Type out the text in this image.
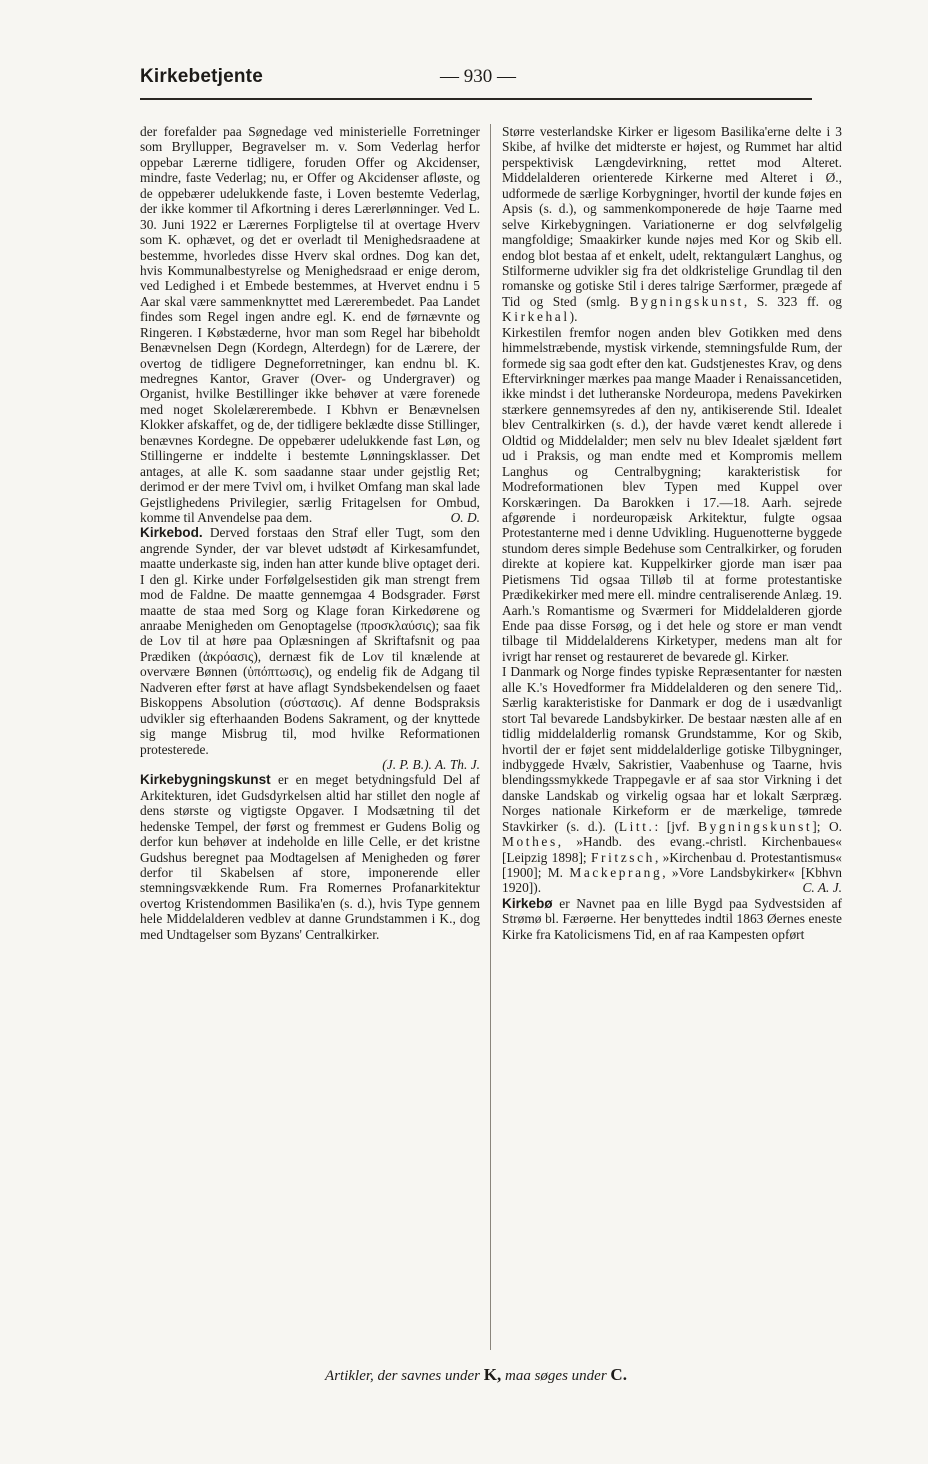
Kirkebetjente	— 930 —

der forefalder paa Søgnedage ved ministerielle Forretninger som Bryllupper, Begravelser m. v. Som Vederlag herfor oppebar Lærerne tidligere, foruden Offer og Akcidenser, mindre, faste Vederlag; nu, er Offer og Akcidenser afløste, og de oppebærer udelukkende faste, i Loven bestemte Vederlag, der ikke kommer til Afkortning i deres Lærerlønninger. Ved L. 30. Juni 1922 er Lærernes Forpligtelse til at overtage Hverv som K. ophævet, og det er overladt til Menighedsraadene at bestemme, hvorledes disse Hverv skal ordnes. Dog kan det, hvis Kommunalbestyrelse og Menighedsraad er enige derom, ved Ledighed i et Embede bestemmes, at Hvervet endnu i 5 Aar skal være sammenknyttet med Lærerembedet. Paa Landet findes som Regel ingen andre egl. K. end de førnævnte og Ringeren. I Købstæderne, hvor man som Regel har bibeholdt Benævnelsen Degn (Kordegn, Alterdegn) for de Lærere, der overtog de tidligere Degneforretninger, kan endnu bl. K. medregnes Kantor, Graver (Over- og Undergraver) og Organist, hvilke Bestillinger ikke behøver at være forenede med noget Skolelærerembede. I Kbhvn er Benævnelsen Klokker afskaffet, og de, der tidligere beklædte disse Stillinger, benævnes Kordegne. De oppebærer udelukkende fast Løn, og Stillingerne er inddelte i bestemte Lønningsklasser. Det antages, at alle K. som saadanne staar under gejstlig Ret; derimod er der mere Tvivl om, i hvilket Omfang man skal lade Gejstlighedens Privilegier, særlig Fritagelsen for Ombud, komme til Anvendelse paa dem.	O. D.

Kirkebod. Derved forstaas den Straf eller Tugt, som den angrende Synder, der var blevet udstødt af Kirkesamfundet, maatte underkaste sig, inden han atter kunde blive optaget deri. I den gl. Kirke under Forfølgelsestiden gik man strengt frem mod de Faldne. De maatte gennemgaa 4 Bodsgrader. Først maatte de staa med Sorg og Klage foran Kirkedørene og anraabe Menigheden om Genoptagelse (προσκλαύσις); saa fik de Lov til at høre paa Oplæsningen af Skriftafsnit og paa Prædiken (ἀκρόασις), dernæst fik de Lov til knælende at overvære Bønnen (ὑπόπτωσις), og endelig fik de Adgang til Nadveren efter først at have aflagt Syndsbekendelsen og faaet Biskoppens Absolution (σύστασις). Af denne Bodspraksis udvikler sig efterhaanden Bodens Sakrament, og der knyttede sig mange Misbrug til, mod hvilke Reformationen protesterede.

(J. P. B.). A. Th. J.

Kirkebygningskunst er en meget betydningsfuld Del af Arkitekturen, idet Gudsdyrkelsen altid har stillet den nogle af dens største og vigtigste Opgaver. I Modsætning til det hedenske Tempel, der først og fremmest er Gudens Bolig og derfor kun behøver at indeholde en lille Celle, er det kristne Gudshus beregnet paa Modtagelsen af Menigheden og fører derfor til Skabelsen af store, imponerende eller stemningsvækkende Rum. Fra Romernes Profanarkitektur overtog Kristendommen Basilika'en (s. d.), hvis Type gennem hele Middelalderen vedblev at danne Grundstammen i K., dog med Undtagelser som Byzans' Centralkirker.

Større vesterlandske Kirker er ligesom Basilika'erne delte i 3 Skibe, af hvilke det midterste er højest, og Rummet har altid perspektivisk Længdevirkning, rettet mod Alteret. Middelalderen orienterede Kirkerne med Alteret i Ø., udformede de særlige Korbygninger, hvortil der kunde føjes en Apsis (s. d.), og sammenkomponerede de høje Taarne med selve Kirkebygningen. Variationerne er dog selvfølgelig mangfoldige; Smaakirker kunde nøjes med Kor og Skib ell. endog blot bestaa af et enkelt, udelt, rektangulært Langhus, og Stilformerne udvikler sig fra det oldkristelige Grundlag til den romanske og gotiske Stil i deres talrige Særformer, prægede af Tid og Sted (smlg. Bygningskunst, S. 323 ff. og Kirkehal).

Kirkestilen fremfor nogen anden blev Gotikken med dens himmelstræbende, mystisk virkende, stemningsfulde Rum, der formede sig saa godt efter den kat. Gudstjenestes Krav, og dens Eftervirkninger mærkes paa mange Maader i Renaissancetiden, ikke mindst i det lutheranske Nordeuropa, medens Pavekirken stærkere gennemsyredes af den ny, antikiserende Stil. Idealet blev Centralkirken (s. d.), der havde været kendt allerede i Oldtid og Middelalder; men selv nu blev Idealet sjældent ført ud i Praksis, og man endte med et Kompromis mellem Langhus og Centralbygning; karakteristisk for Modreformationen blev Typen med Kuppel over Korskæringen. Da Barokken i 17.—18. Aarh. sejrede afgørende i nordeuropæisk Arkitektur, fulgte ogsaa Protestanterne med i denne Udvikling. Huguenotterne byggede stundom deres simple Bedehuse som Centralkirker, og foruden direkte at kopiere kat. Kuppelkirker gjorde man især paa Pietismens Tid ogsaa Tilløb til at forme protestantiske Prædikekirker med mere ell. mindre centraliserende Anlæg. 19. Aarh.'s Romantisme og Sværmeri for Middelalderen gjorde Ende paa disse Forsøg, og i det hele og store er man vendt tilbage til Middelalderens Kirketyper, medens man alt for ivrigt har renset og restaureret de bevarede gl. Kirker.

I Danmark og Norge findes typiske Repræsentanter for næsten alle K.'s Hovedformer fra Middelalderen og den senere Tid,. Særlig karakteristiske for Danmark er dog de i usædvanligt stort Tal bevarede Landsbykirker. De bestaar næsten alle af en tidlig middelalderlig romansk Grundstamme, Kor og Skib, hvortil der er føjet sent middelalderlige gotiske Tilbygninger, indbyggede Hvælv, Sakristier, Vaabenhuse og Taarne, hvis blendingssmykkede Trappegavle er af saa stor Virkning i det danske Landskab og virkelig ogsaa har et lokalt Særpræg. Norges nationale Kirkeform er de mærkelige, tømrede Stavkirker (s. d.). (Litt.: [jvf. Bygningskunst]; O. Mothes, »Handb. des evang.-christl. Kirchenbaues« [Leipzig 1898]; Fritzsch, »Kirchenbau d. Protestantismus« [1900]; M. Mackeprang, »Vore Landsbykirker« [Kbhvn 1920]).	C. A. J.

Kirkebø er Navnet paa en lille Bygd paa Sydvestsiden af Strømø bl. Færøerne. Her benyttedes indtil 1863 Øernes eneste Kirke fra Katolicismens Tid, en af raa Kampesten opført

Artikler, der savnes under K, maa søges under C.
